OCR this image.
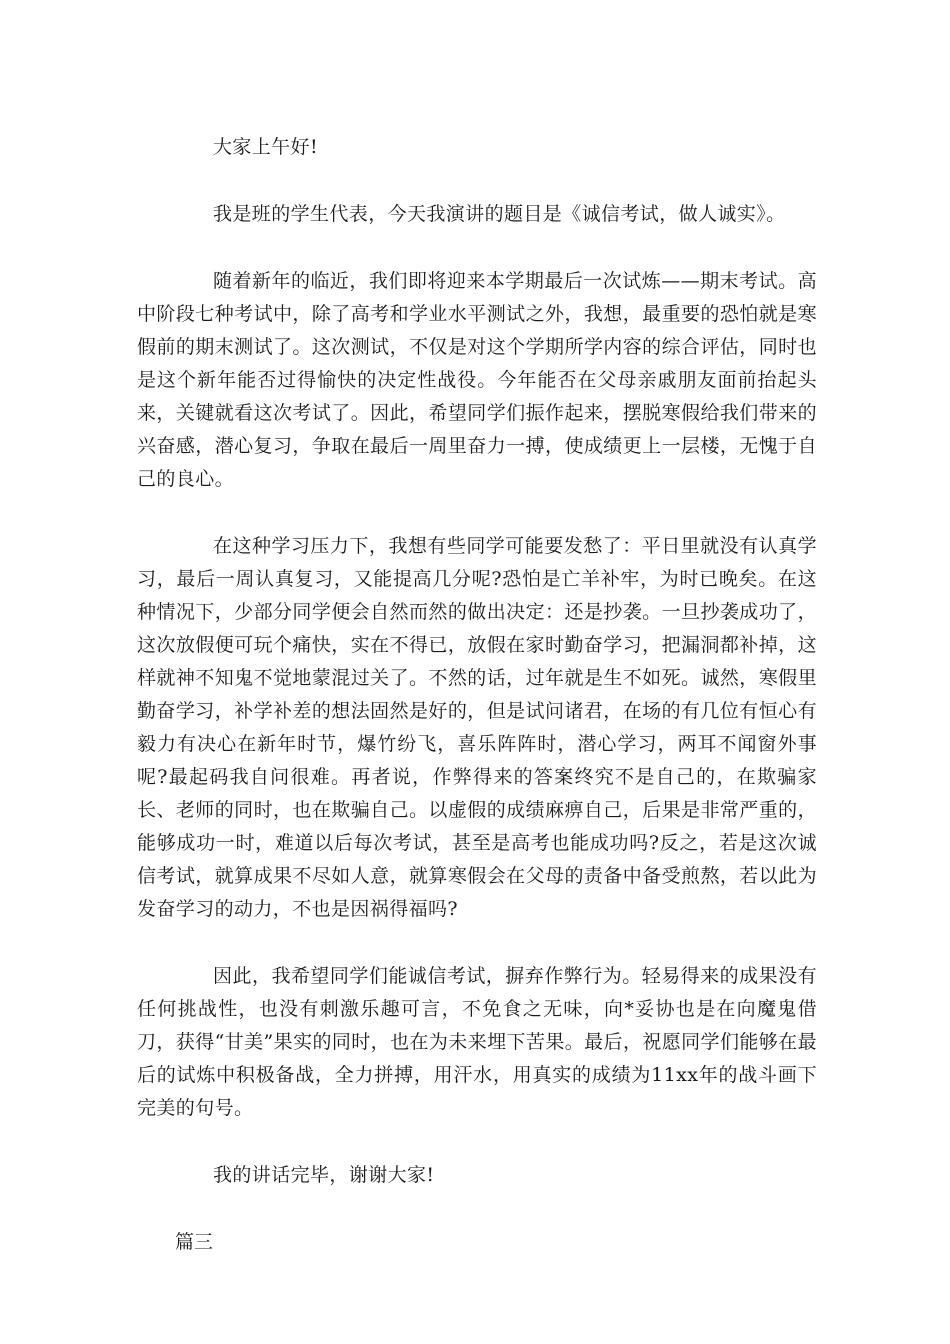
大家上午好!

我是班的学生代表，今天我演讲的题目是《诚信考试，做人诚实》。

随着新年的临近，我们即将迎来本学期最后一次试炼——期末考试。高中阶段七种考试中，除了高考和学业水平测试之外，我想，最重要的恐怕就是寒假前的期末测试了。这次测试，不仅是对这个学期所学内容的综合评估，同时也是这个新年能否过得愉快的决定性战役。今年能否在父母亲戚朋友面前抬起头来，关键就看这次考试了。因此，希望同学们振作起来，摆脱寒假给我们带来的兴奋感，潜心复习，争取在最后一周里奋力一搏，使成绩更上一层楼，无愧于自己的良心。

在这种学习压力下，我想有些同学可能要发愁了：平日里就没有认真学习，最后一周认真复习，又能提高几分呢?恐怕是亡羊补牢，为时已晚矣。在这种情况下，少部分同学便会自然而然的做出决定：还是抄袭。一旦抄袭成功了，这次放假便可玩个痛快，实在不得已，放假在家时勤奋学习，把漏洞都补掉，这样就神不知鬼不觉地蒙混过关了。不然的话，过年就是生不如死。诚然，寒假里勤奋学习，补学补差的想法固然是好的，但是试问诸君，在场的有几位有恒心有毅力有决心在新年时节，爆竹纷飞，喜乐阵阵时，潜心学习，两耳不闻窗外事呢?最起码我自问很难。再者说，作弊得来的答案终究不是自己的，在欺骗家长、老师的同时，也在欺骗自己。以虚假的成绩麻痹自己，后果是非常严重的，能够成功一时，难道以后每次考试，甚至是高考也能成功吗?反之，若是这次诚信考试，就算成果不尽如人意，就算寒假会在父母的责备中备受煎熬，若以此为发奋学习的动力，不也是因祸得福吗?

因此，我希望同学们能诚信考试，摒弃作弊行为。轻易得来的成果没有任何挑战性，也没有刺激乐趣可言，不免食之无味，向*妥协也是在向魔鬼借刀，获得“甘美”果实的同时，也在为未来埋下苦果。最后，祝愿同学们能够在最后的试炼中积极备战，全力拼搏，用汗水，用真实的成绩为11xx年的战斗画下完美的句号。

我的讲话完毕，谢谢大家!

篇三
